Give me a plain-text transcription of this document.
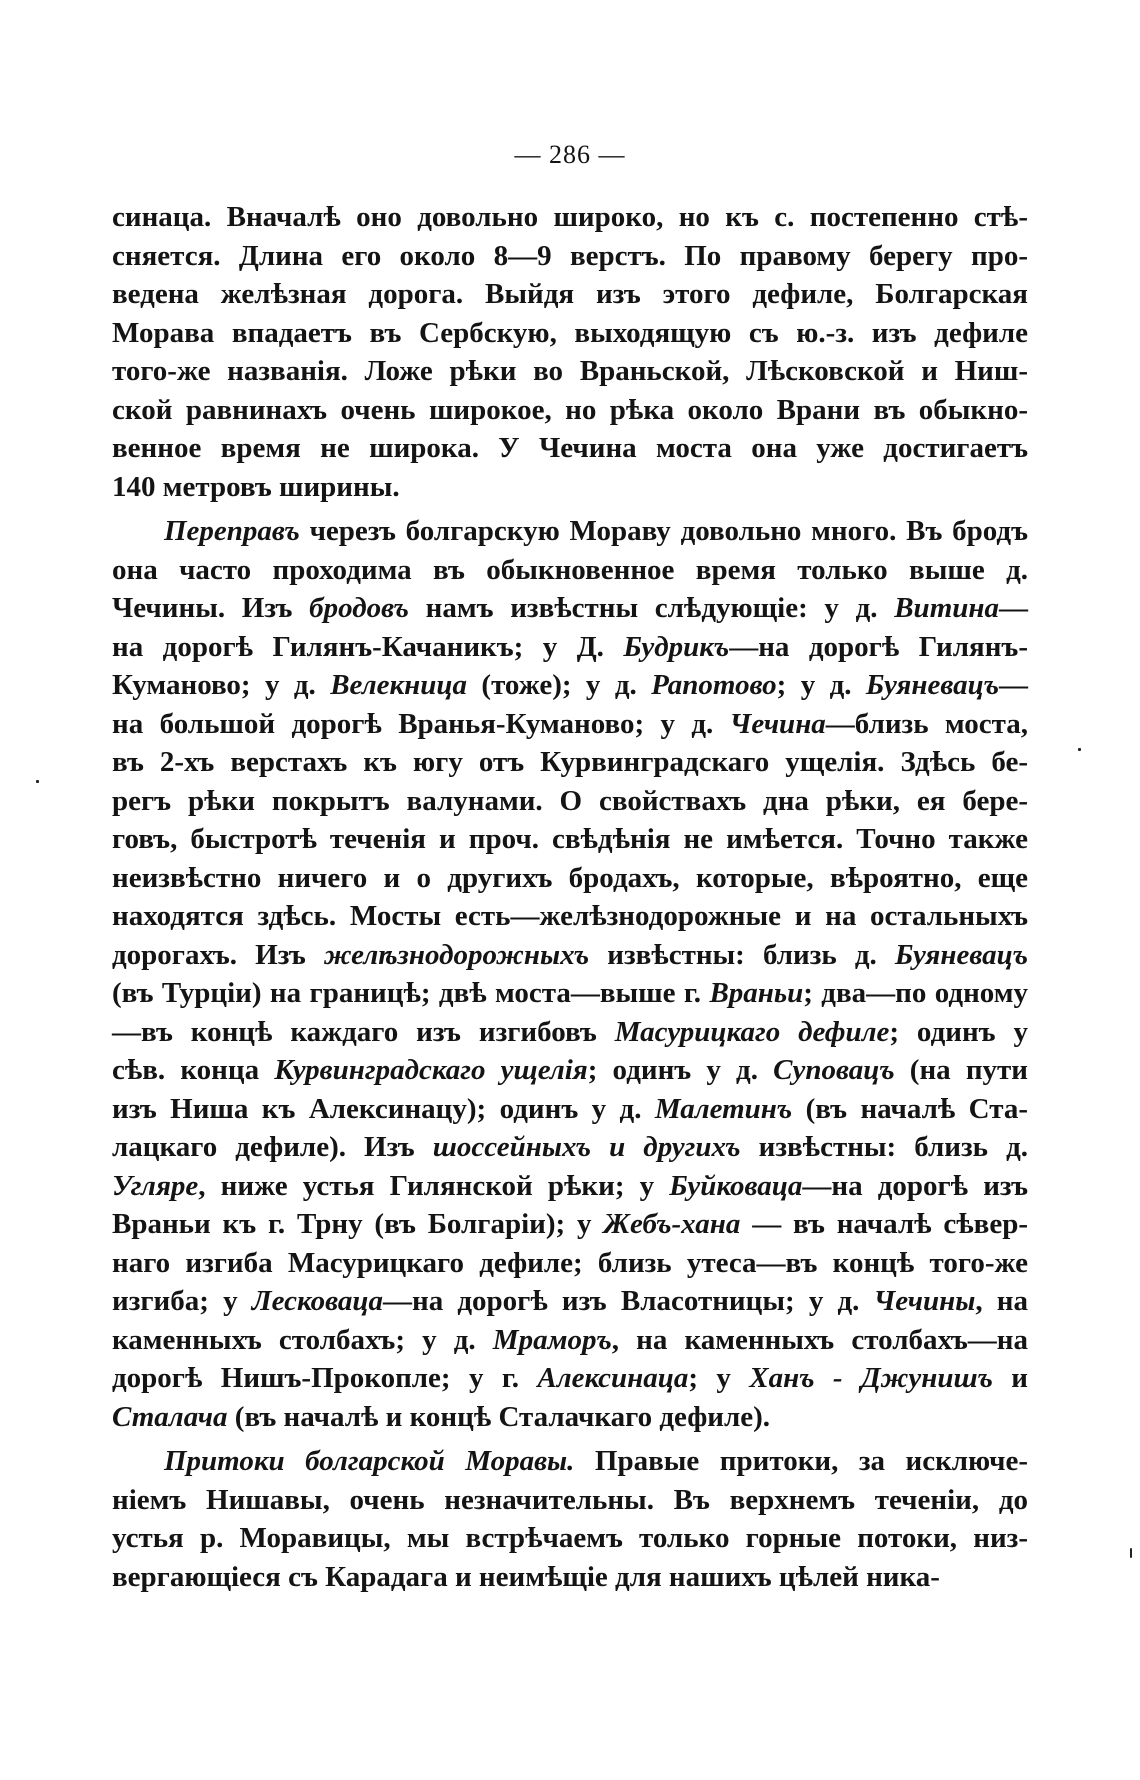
— 286 —
синаца. Вначалѣ оно довольно широко, но къ с. постепенно стѣ-
сняется. Длина его около 8—9 верстъ. По правому берегу про-
ведена желѣзная дорога. Выйдя изъ этого дефиле, Болгарская
Морава впадаетъ въ Сербскую, выходящую съ ю.-з. изъ дефиле
того-же названія. Ложе рѣки во Враньской, Лѣсковской и Ниш-
ской равнинахъ очень широкое, но рѣка около Врани въ обыкно-
венное время не широка. У Чечина моста она уже достигаетъ
140 метровъ ширины.
Переправъ черезъ болгарскую Мораву довольно много. Въ бродъ
она часто проходима въ обыкновенное время только выше д.
Чечины. Изъ бродовъ намъ извѣстны слѣдующіе: у д. Витина—
на дорогѣ Гилянъ-Качаникъ; у Д. Будрикъ—на дорогѣ Гилянъ-
Куманово; у д. Велекница (тоже); у д. Рапотово; у д. Буяневацъ—
на большой дорогѣ Вранья-Куманово; у д. Чечина—близь моста,
въ 2-хъ верстахъ къ югу отъ Курвинградскаго ущелія. Здѣсь бе-
регъ рѣки покрытъ валунами. О свойствахъ дна рѣки, ея бере-
говъ, быстротѣ теченія и проч. свѣдѣнія не имѣется. Точно также
неизвѣстно ничего и о другихъ бродахъ, которые, вѣроятно, еще
находятся здѣсь. Мосты есть—желѣзнодорожные и на остальныхъ
дорогахъ. Изъ желѣзнодорожныхъ извѣстны: близь д. Буяневацъ
(въ Турціи) на границѣ; двѣ моста—выше г. Враньи; два—по одному
—въ концѣ каждаго изъ изгибовъ Масурицкаго дефиле; одинъ у
сѣв. конца Курвинградскаго ущелія; одинъ у д. Суповацъ (на пути
изъ Ниша къ Алексинацу); одинъ у д. Малетинъ (въ началѣ Ста-
лацкаго дефиле). Изъ шоссейныхъ и другихъ извѣстны: близь д.
Угляре, ниже устья Гилянской рѣки; у Буйковаца—на дорогѣ изъ
Враньи къ г. Трну (въ Болгаріи); у Жебъ-хана — въ началѣ сѣвер-
наго изгиба Масурицкаго дефиле; близь утеса—въ концѣ того-же
изгиба; у Лесковаца—на дорогѣ изъ Власотницы; у д. Чечины, на
каменныхъ столбахъ; у д. Мраморъ, на каменныхъ столбахъ—на
дорогѣ Нишъ-Прокопле; у г. Алексинаца; у Ханъ - Джунишъ и
Сталача (въ началѣ и концѣ Сталачкаго дефиле).
Притоки болгарской Моравы. Правые притоки, за исключе-
ніемъ Нишавы, очень незначительны. Въ верхнемъ теченіи, до
устья р. Моравицы, мы встрѣчаемъ только горные потоки, низ-
вергающіеся съ Карадага и неимѣщіе для нашихъ цѣлей ника-
